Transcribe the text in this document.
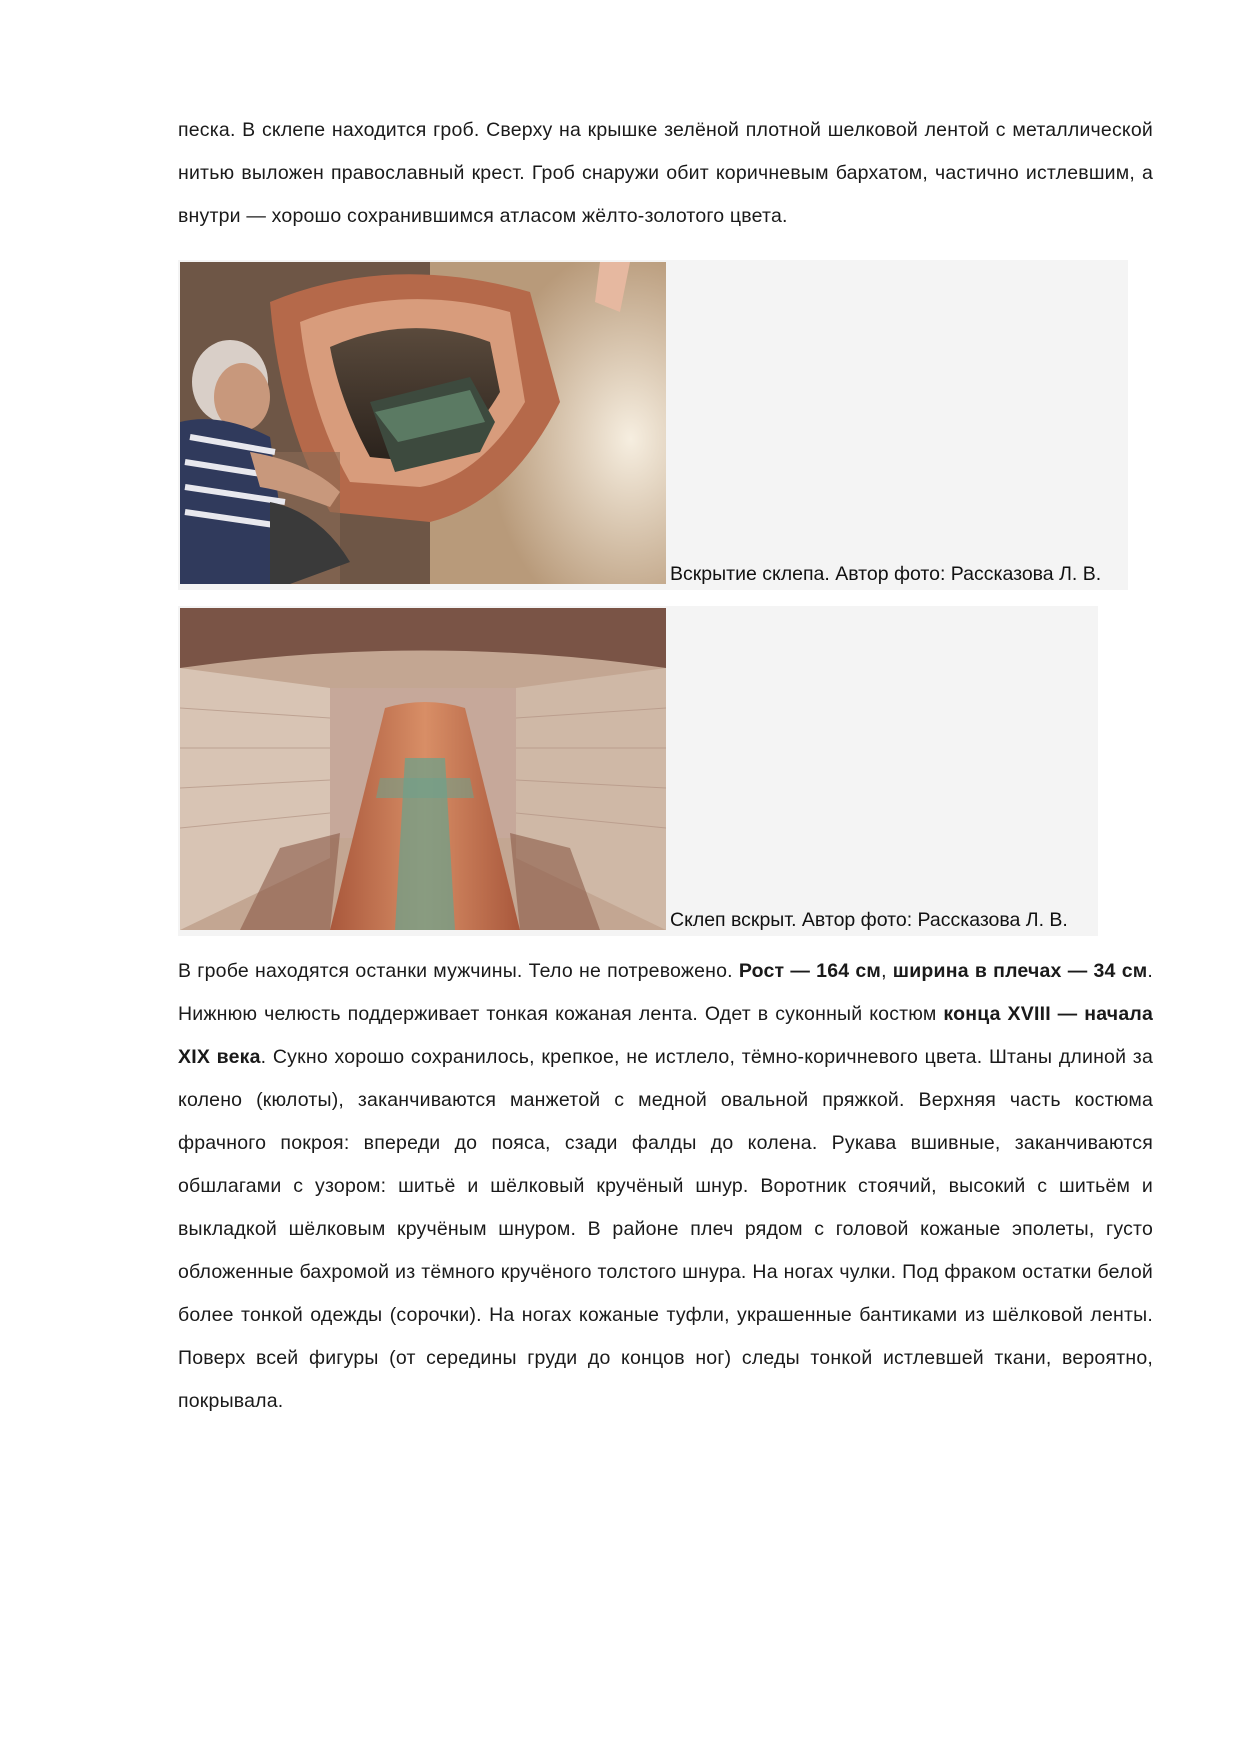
песка. В склепе находится гроб. Сверху на крышке зелёной плотной шелковой лентой с металлической нитью выложен православный крест. Гроб снаружи обит коричневым бархатом, частично истлевшим, а внутри — хорошо сохранившимся атласом жёлто-золотого цвета.
Вскрытие склепа. Автор фото: Рассказова Л. В.
Склеп вскрыт. Автор фото: Рассказова Л. В.
В гробе находятся останки мужчины. Тело не потревожено. Рост — 164 см, ширина в плечах — 34 см. Нижнюю челюсть поддерживает тонкая кожаная лента. Одет в суконный костюм конца XVIII — начала XIX века. Сукно хорошо сохранилось, крепкое, не истлело, тёмно-коричневого цвета. Штаны длиной за колено (кюлоты), заканчиваются манжетой с медной овальной пряжкой. Верхняя часть костюма фрачного покроя: впереди до пояса, сзади фалды до колена. Рукава вшивные, заканчиваются обшлагами с узором: шитьё и шёлковый кручёный шнур. Воротник стоячий, высокий с шитьём и выкладкой шёлковым кручёным шнуром. В районе плеч рядом с головой кожаные эполеты, густо обложенные бахромой из тёмного кручёного толстого шнура. На ногах чулки. Под фраком остатки белой более тонкой одежды (сорочки). На ногах кожаные туфли, украшенные бантиками из шёлковой ленты. Поверх всей фигуры (от середины груди до концов ног) следы тонкой истлевшей ткани, вероятно, покрывала.
